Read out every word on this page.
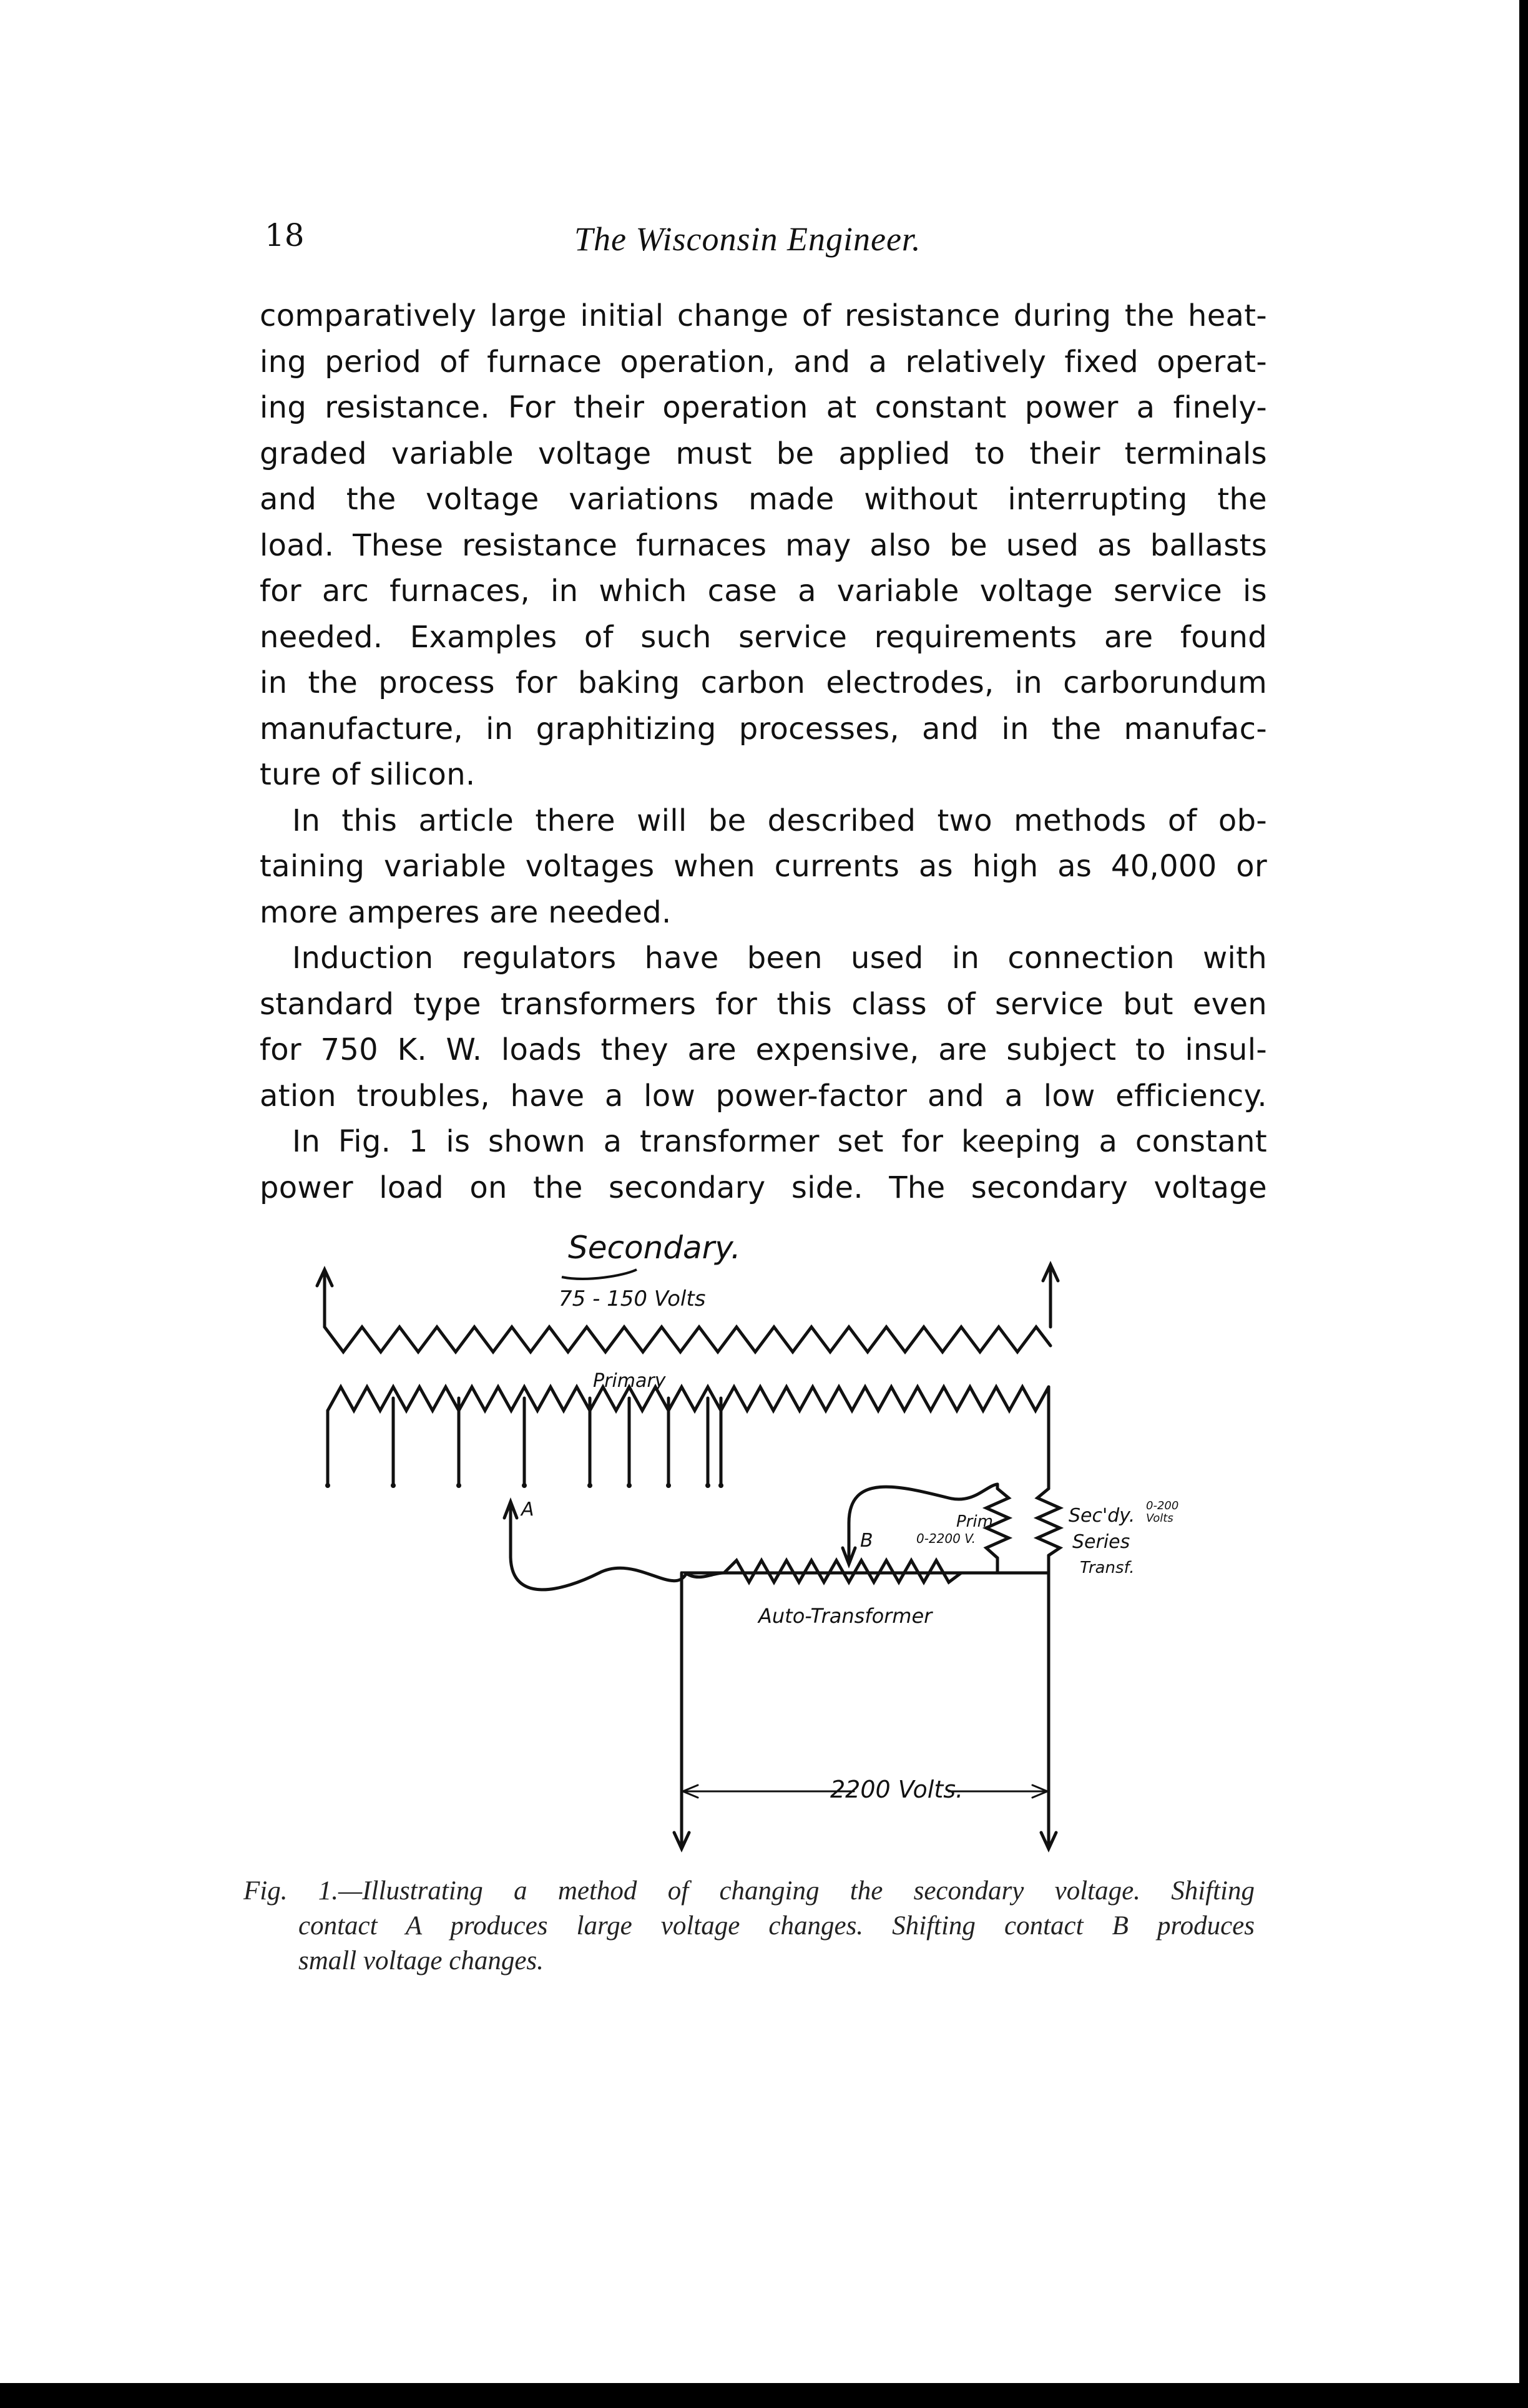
18	The Wisconsin Engineer.
comparatively large initial change of resistance during the heat-
ing period of furnace operation, and a relatively fixed operat-
ing resistance. For their operation at constant power a finely-
graded variable voltage must be applied to their terminals
and the voltage variations made without interrupting the
load. These resistance furnaces may also be used as ballasts
for arc furnaces, in which case a variable voltage service is
needed. Examples of such service requirements are found
in the process for baking carbon electrodes, in carborundum
manufacture, in graphitizing processes, and in the manufac-
ture of silicon.
In this article there will be described two methods of ob-
taining variable voltages when currents as high as 40,000 or
more amperes are needed.
Induction regulators have been used in connection with
standard type transformers for this class of service but even
for 750 K. W. loads they are expensive, are subject to insul-
ation troubles, have a low power-factor and a low efficiency.
In Fig. 1 is shown a transformer set for keeping a constant
power load on the secondary side. The secondary voltage
Secondary.
75 - 150 Volts
Primary
A
B
Prim
0-2200 V.
Sec'dy. 0-200
Volts
Series
Transf.
Auto-Transformer
2200 Volts.
Fig. 1.—Illustrating a method of changing the secondary voltage. Shifting
contact A produces large voltage changes. Shifting contact B produces
small voltage changes.
